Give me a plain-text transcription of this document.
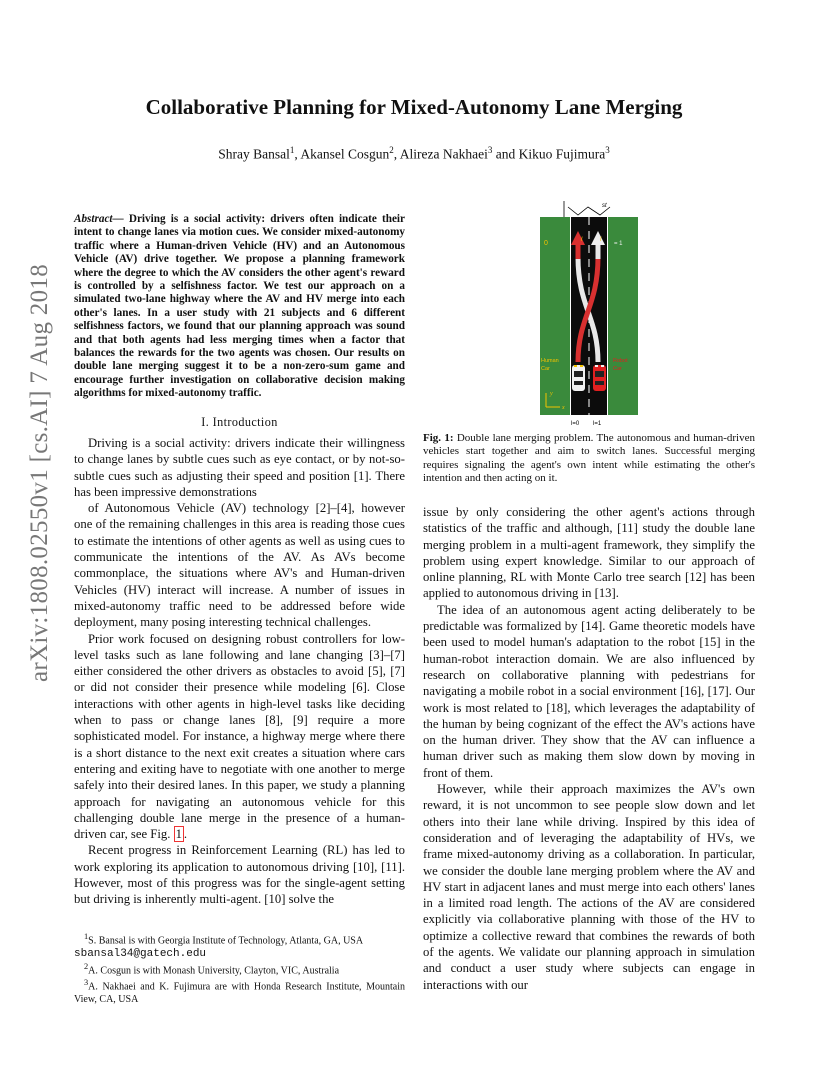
arXiv:1808.02550v1 [cs.AI] 7 Aug 2018
Collaborative Planning for Mixed-Autonomy Lane Merging
Shray Bansal$^1$, Akansel Cosgun$^2$, Alireza Nakhaei$^3$ and Kikuo Fujimura$^3$
Abstract— Driving is a social activity: drivers often indicate their intent to change lanes via motion cues. We consider mixed-autonomy traffic where a Human-driven Vehicle (HV) and an Autonomous Vehicle (AV) drive together. We propose a planning framework where the degree to which the AV considers the other agent's reward is controlled by a selfishness factor. We test our approach on a simulated two-lane highway where the AV and HV merge into each other's lanes. In a user study with 21 subjects and 6 different selfishness factors, we found that our planning approach was sound and that both agents had less merging times when a factor that balances the rewards for the two agents was chosen. Our results on double lane merging suggest it to be a non-zero-sum game and encourage further investigation on collaborative decision making algorithms for mixed-autonomy traffic.
I. Introduction

Driving is a social activity: drivers indicate their willingness to change lanes by subtle cues such as eye contact, or by not-so-subtle cues such as adjusting their speed and position [1]. There has been impressive demonstrations

of Autonomous Vehicle (AV) technology [2]–[4], however one of the remaining challenges in this area is reading those cues to estimate the intentions of other agents as well as using cues to communicate the intentions of the AV. As AVs become commonplace, the situations where AV's and Human-driven Vehicles (HV) interact will increase. A number of issues in mixed-autonomy traffic need to be addressed before wide deployment, many posing interesting technical challenges.

Prior work focused on designing robust controllers for low-level tasks such as lane following and lane changing [3]–[7] either considered the other drivers as obstacles to avoid [5], [7] or did not consider their presence while modeling [6]. Close interactions with other agents in high-level tasks like deciding when to pass or change lanes [8], [9] require a more sophisticated model. For instance, a highway merge where there is a short distance to the next exit creates a situation where cars entering and exiting have to negotiate with one another to merge safely into their desired lanes. In this paper, we study a planning approach for navigating an autonomous vehicle for this challenging double lane merge in the presence of a human-driven car, see Fig. 1 .

Recent progress in Reinforcement Learning (RL) has led to work exploring its application to autonomous driving [10], [11]. However, most of this progress was for the single-agent setting but driving is inherently multi-agent. [10] solve the

$^1$S. Bansal is with Georgia Institute of Technology, Atlanta, GA, USA

sbansal34@gatech.edu

$^2$A. Cosgun is with Monash University, Clayton, VIC, Australia

$^3$A. Nakhaei and K. Fujimura are with Honda Research Institute, Mountain View, CA, USA

st
0	l	l
= 1
Human
Car
Robot
Car
x
y
l=0 l=1
Fig. 1: Double lane merging problem. The autonomous and human-driven vehicles start together and aim to switch lanes. Successful merging requires signaling the agent's own intent while estimating the other's intention and then acting on it.

issue by only considering the other agent's actions through statistics of the traffic and although, [11] study the double lane merging problem in a multi-agent framework, they simplify the problem using expert knowledge. Similar to our approach of online planning, RL with Monte Carlo tree search [12] has been applied to autonomous driving in [13].

The idea of an autonomous agent acting deliberately to be predictable was formalized by [14]. Game theoretic models have been used to model human's adaptation to the robot [15] in the human-robot interaction domain. We are also influenced by research on collaborative planning with pedestrians for navigating a mobile robot in a social environment [16], [17]. Our work is most related to [18], which leverages the adaptability of the human by being cognizant of the effect the AV's actions have on the human driver. They show that the AV can influence a human driver such as making them slow down by moving in front of them.

However, while their approach maximizes the AV's own reward, it is not uncommon to see people slow down and let others into their lane while driving. Inspired by this idea of consideration and of leveraging the adaptability of HVs, we frame mixed-autonomy driving as a collaboration. In particular, we consider the double lane merging problem where the AV and HV start in adjacent lanes and must merge into each others' lanes in a limited road length. The actions of the AV are considered explicitly via collaborative planning with those of the HV to optimize a collective reward that combines the rewards of both of the agents. We validate our planning approach in simulation and conduct a user study where subjects can engage in interactions with our
